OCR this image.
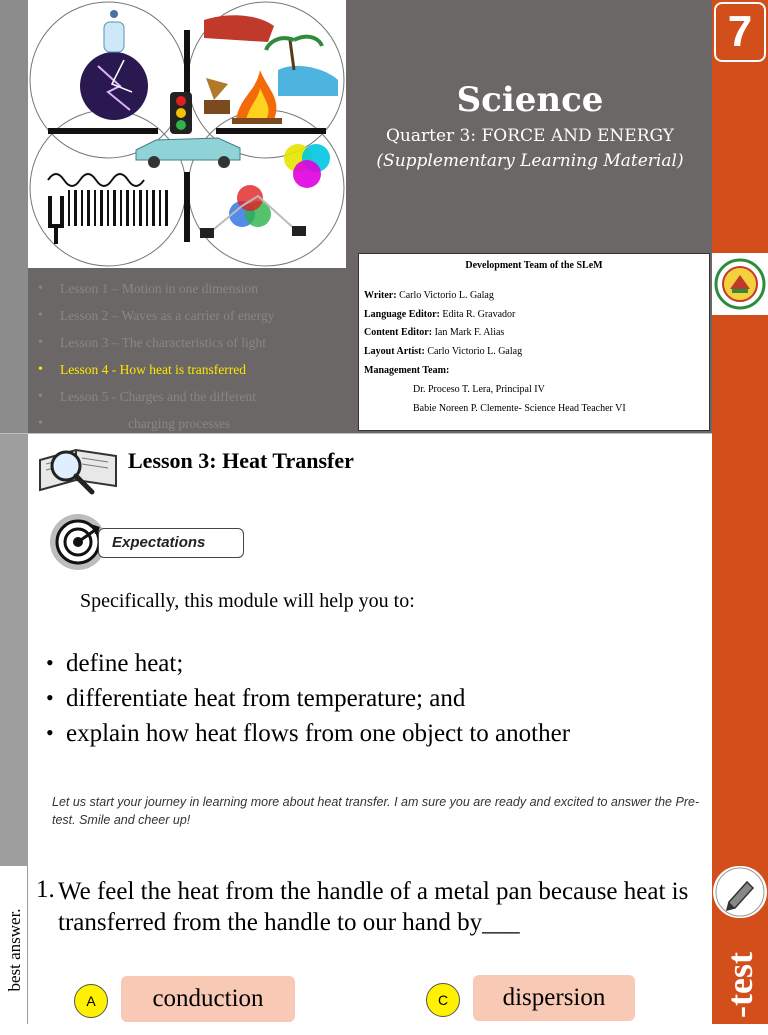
7
Science
Quarter 3: FORCE AND ENERGY
(Supplementary Learning Material)
• Lesson 1 – Motion in one dimension
• Lesson 2 – Waves as a carrier of energy
• Lesson 3 – The characteristics of light
• Lesson 4 - How heat is transferred
• Lesson 5 - Charges and the different
• charging processes
Development Team of the SLeM
Writer: Carlo Victorio L. Galag
Language Editor: Edita R. Gravador
Content Editor: Ian Mark F. Alias
Layout Artist: Carlo Victorio L. Galag
Management Team:
Dr. Proceso T. Lera, Principal IV
Babie Noreen P. Clemente- Science Head Teacher VI
best answer.	-test
Lesson 3: Heat Transfer
Expectations
Specifically, this module will help you to:
• define heat;
• differentiate heat from temperature; and
• explain how heat flows from one object to another
Let us start your journey in learning more about heat transfer. I am sure you are ready and excited to answer the Pre-test. Smile and cheer up!
1. We feel the heat from the handle of a metal pan because heat is transferred from the handle to our hand by___
A	conduction	C	dispersion
